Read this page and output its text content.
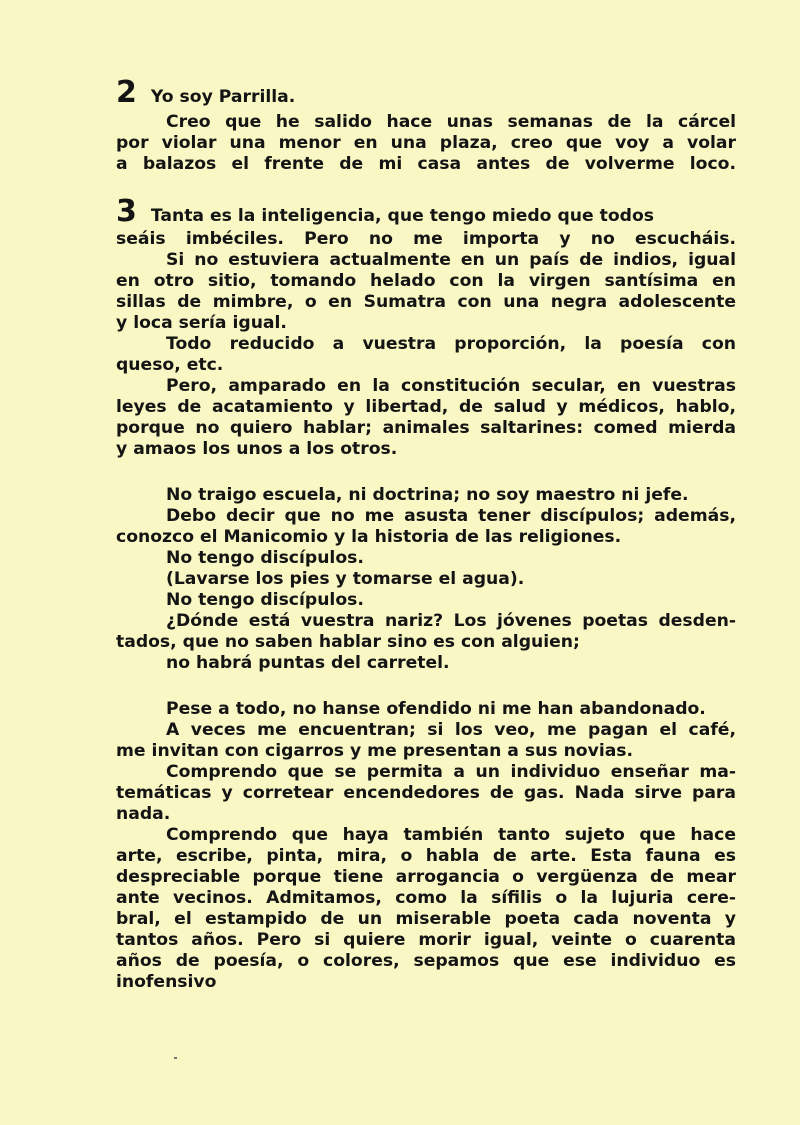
2 Yo soy Parrilla.
Creo que he salido hace unas semanas de la cárcel
por violar una menor en una plaza, creo que voy a volar
a balazos el frente de mi casa antes de volverme loco.
3 Tanta es la inteligencia, que tengo miedo que todos
seáis imbéciles. Pero no me importa y no escucháis.
Si no estuviera actualmente en un país de indios, igual
en otro sitio, tomando helado con la virgen santísima en
sillas de mimbre, o en Sumatra con una negra adolescente
y loca sería igual.
Todo reducido a vuestra proporción, la poesía con
queso, etc.
Pero, amparado en la constitución secular, en vuestras
leyes de acatamiento y libertad, de salud y médicos, hablo,
porque no quiero hablar; animales saltarines: comed mierda
y amaos los unos a los otros.
No traigo escuela, ni doctrina; no soy maestro ni jefe.
Debo decir que no me asusta tener discípulos; además,
conozco el Manicomio y la historia de las religiones.
No tengo discípulos.
(Lavarse los pies y tomarse el agua).
No tengo discípulos.
¿Dónde está vuestra nariz? Los jóvenes poetas desden-
tados, que no saben hablar sino es con alguien;
no habrá puntas del carretel.
Pese a todo, no hanse ofendido ni me han abandonado.
A veces me encuentran; si los veo, me pagan el café,
me invitan con cigarros y me presentan a sus novias.
Comprendo que se permita a un individuo enseñar ma-
temáticas y corretear encendedores de gas. Nada sirve para
nada.
Comprendo que haya también tanto sujeto que hace
arte, escribe, pinta, mira, o habla de arte. Esta fauna es
despreciable porque tiene arrogancia o vergüenza de mear
ante vecinos. Admitamos, como la sífilis o la lujuria cere-
bral, el estampido de un miserable poeta cada noventa y
tantos años. Pero si quiere morir igual, veinte o cuarenta
años de poesía, o colores, sepamos que ese individuo es
inofensivo
